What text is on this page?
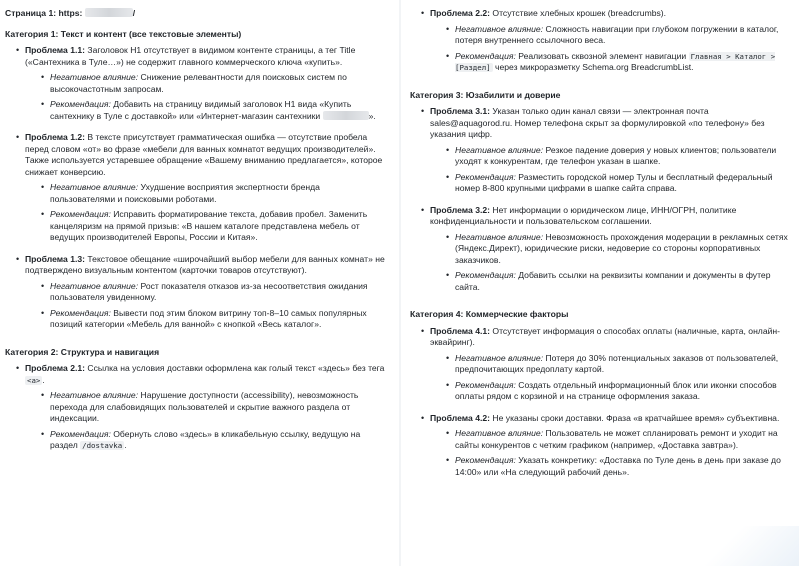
Страница 1: https:	/
Категория 1: Текст и контент (все текстовые элементы)
• Проблема 1.1: Заголовок H1 отсутствует в видимом контенте страницы, а тег Title («Сантехника в Туле…») не содержит главного коммерческого ключа «купить».
• Негативное влияние: Снижение релевантности для поисковых систем по высокочастотным запросам.
• Рекомендация: Добавить на страницу видимый заголовок H1 вида «Купить сантехнику в Туле с доставкой» или «Интернет-магазин сантехники	».
• Проблема 1.2: В тексте присутствует грамматическая ошибка — отсутствие пробела перед словом «от» во фразе «мебели для ванных комнатот ведущих производителей». Также используется устаревшее обращение «Вашему вниманию предлагается», которое снижает конверсию.
• Негативное влияние: Ухудшение восприятия экспертности бренда пользователями и поисковыми роботами.
• Рекомендация: Исправить форматирование текста, добавив пробел. Заменить канцеляризм на прямой призыв: «В нашем каталоге представлена мебель от ведущих производителей Европы, России и Китая».
• Проблема 1.3: Текстовое обещание «широчайший выбор мебели для ванных комнат» не подтверждено визуальным контентом (карточки товаров отсутствуют).
• Негативное влияние: Рост показателя отказов из-за несоответствия ожидания пользователя увиденному.
• Рекомендация: Вывести под этим блоком витрину топ-8–10 самых популярных позиций категории «Мебель для ванной» с кнопкой «Весь каталог».
Категория 2: Структура и навигация
• Проблема 2.1: Ссылка на условия доставки оформлена как голый текст «здесь» без тега <a> .
• Негативное влияние: Нарушение доступности (accessibility), невозможность перехода для слабовидящих пользователей и скрытие важного раздела от индексации.
• Рекомендация: Обернуть слово «здесь» в кликабельную ссылку, ведущую на раздел /dostavka .
• Проблема 2.2: Отсутствие хлебных крошек (breadcrumbs).
• Негативное влияние: Сложность навигации при глубоком погружении в каталог, потеря внутреннего ссылочного веса.
• Рекомендация: Реализовать сквозной элемент навигации Главная > Каталог > [Раздел] через микроразметку Schema.org BreadcrumbList.
Категория 3: Юзабилити и доверие
• Проблема 3.1: Указан только один канал связи — электронная почта sales@aquagorod.ru. Номер телефона скрыт за формулировкой «по телефону» без указания цифр.
• Негативное влияние: Резкое падение доверия у новых клиентов; пользователи уходят к конкурентам, где телефон указан в шапке.
• Рекомендация: Разместить городской номер Тулы и бесплатный федеральный номер 8-800 крупными цифрами в шапке сайта справа.
• Проблема 3.2: Нет информации о юридическом лице, ИНН/ОГРН, политике конфиденциальности и пользовательском соглашении.
• Негативное влияние: Невозможность прохождения модерации в рекламных сетях (Яндекс.Директ), юридические риски, недоверие со стороны корпоративных заказчиков.
• Рекомендация: Добавить ссылки на реквизиты компании и документы в футер сайта.
Категория 4: Коммерческие факторы
• Проблема 4.1: Отсутствует информация о способах оплаты (наличные, карта, онлайн-эквайринг).
• Негативное влияние: Потеря до 30% потенциальных заказов от пользователей, предпочитающих предоплату картой.
• Рекомендация: Создать отдельный информационный блок или иконки способов оплаты рядом с корзиной и на странице оформления заказа.
• Проблема 4.2: Не указаны сроки доставки. Фраза «в кратчайшее время» субъективна.
• Негативное влияние: Пользователь не может спланировать ремонт и уходит на сайты конкурентов с четким графиком (например, «Доставка завтра»).
• Рекомендация: Указать конкретику: «Доставка по Туле день в день при заказе до 14:00» или «На следующий рабочий день».
